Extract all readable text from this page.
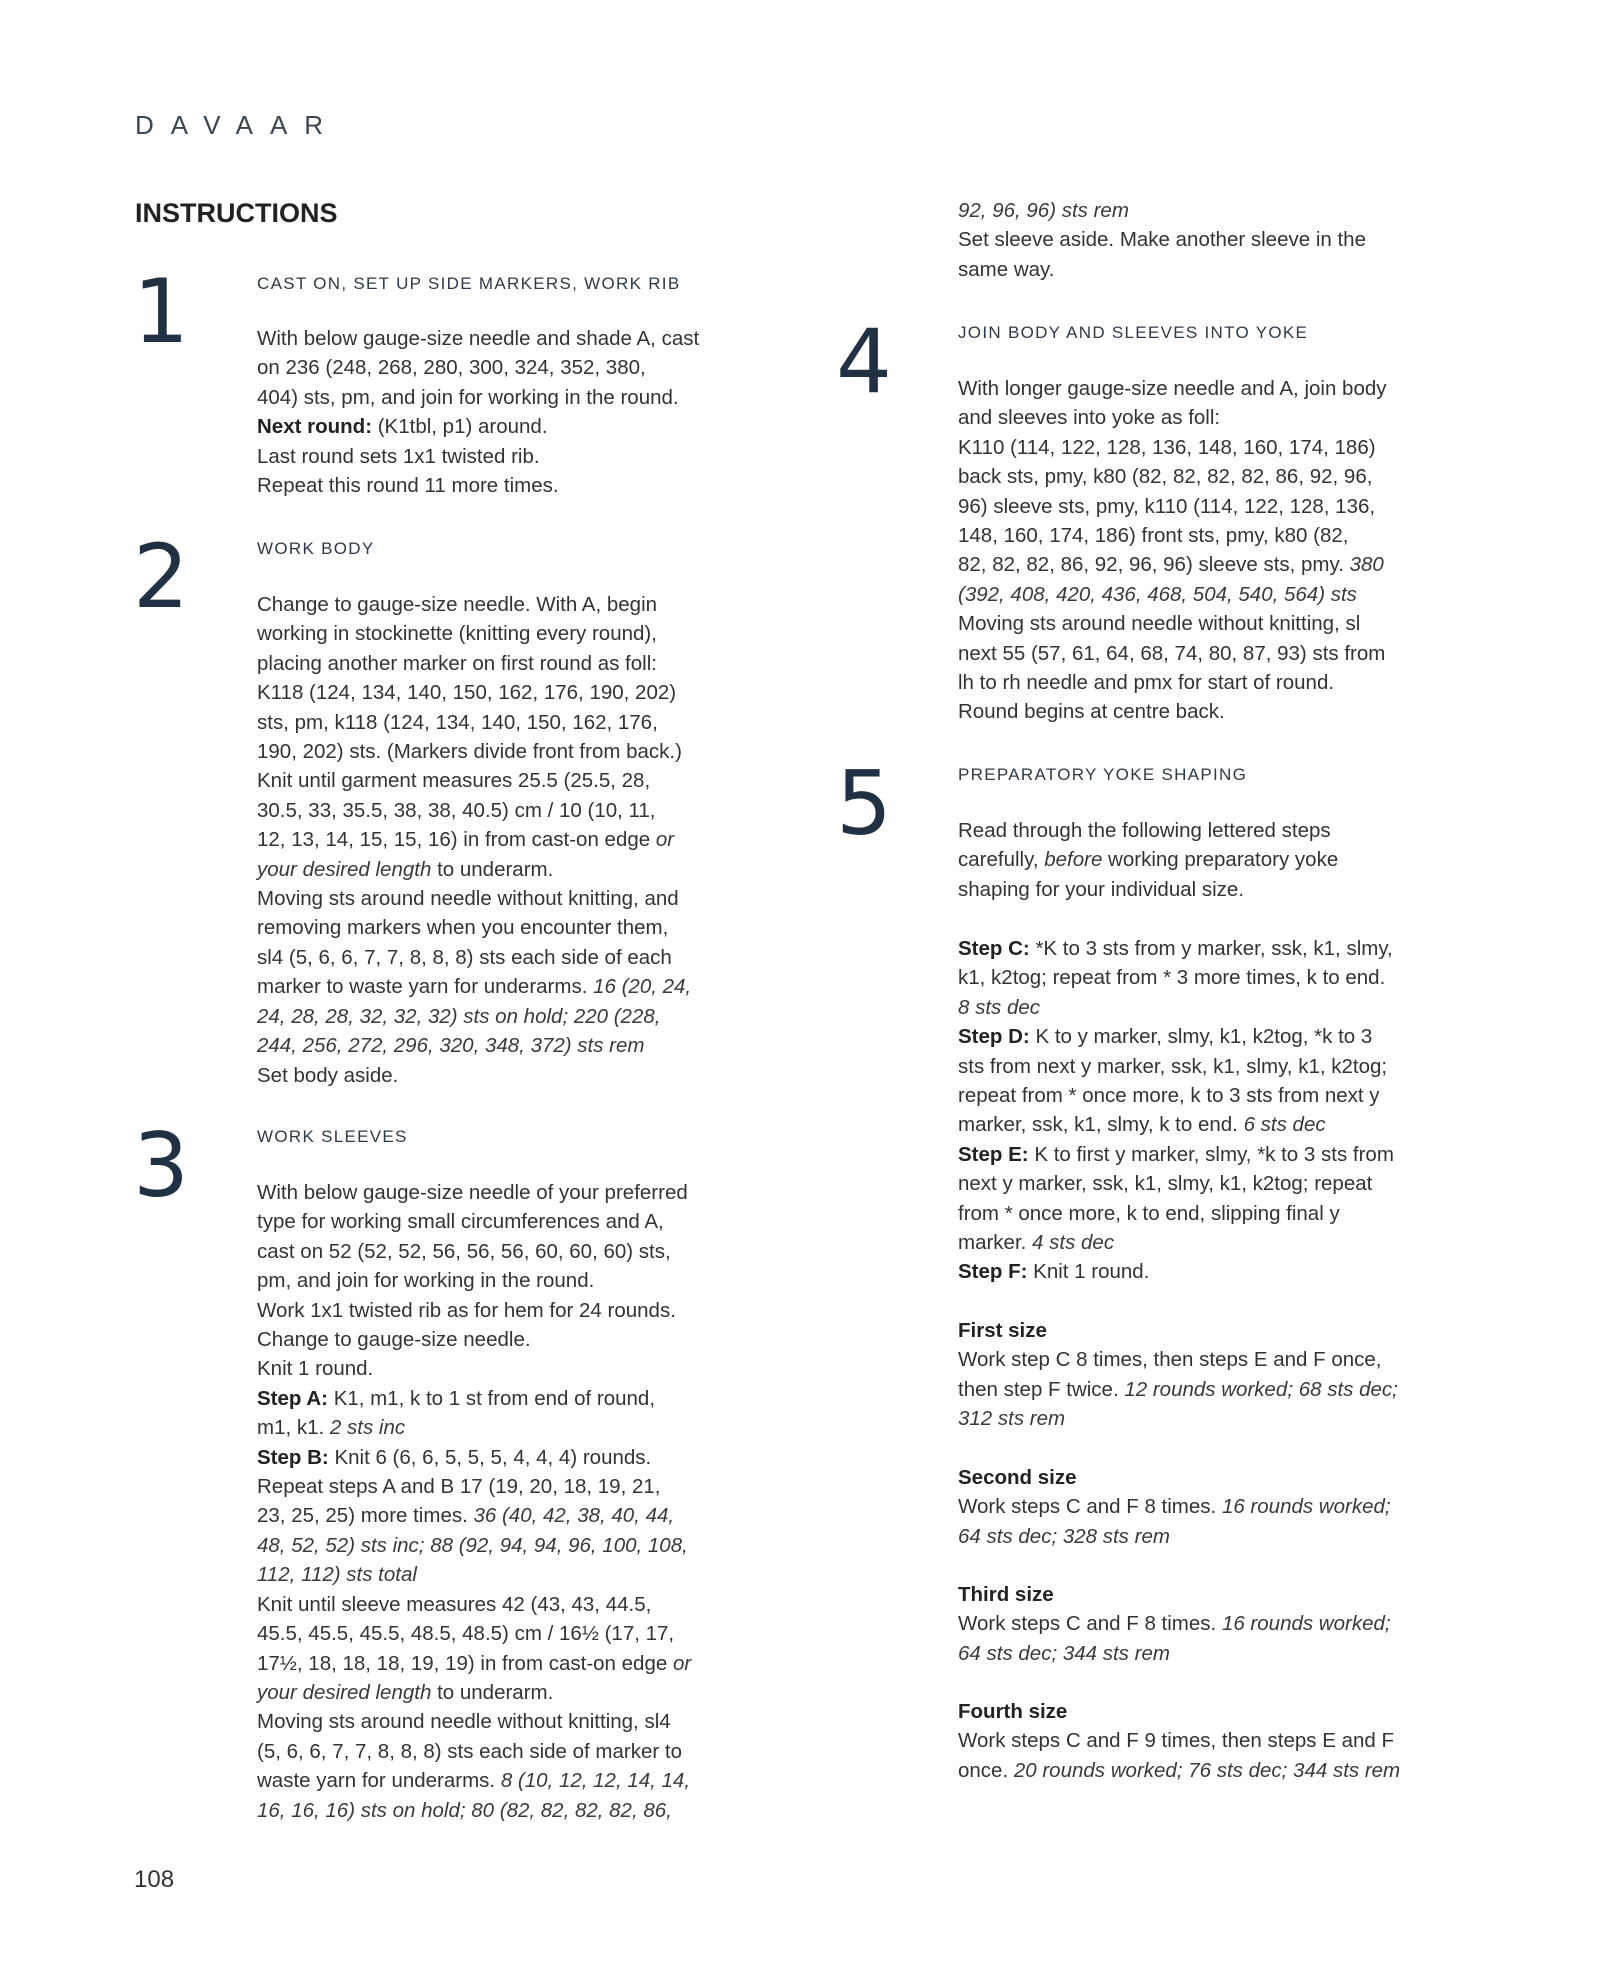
DAVAAR
INSTRUCTIONS
1	CAST ON, SET UP SIDE MARKERS, WORK RIB
With below gauge-size needle and shade A, cast
on 236 (248, 268, 280, 300, 324, 352, 380,
404) sts, pm, and join for working in the round.
Next round: (K1tbl, p1) around.
Last round sets 1x1 twisted rib.
Repeat this round 11 more times.
2	WORK BODY
Change to gauge-size needle. With A, begin
working in stockinette (knitting every round),
placing another marker on first round as foll:
K118 (124, 134, 140, 150, 162, 176, 190, 202)
sts, pm, k118 (124, 134, 140, 150, 162, 176,
190, 202) sts. (Markers divide front from back.)
Knit until garment measures 25.5 (25.5, 28,
30.5, 33, 35.5, 38, 38, 40.5) cm / 10 (10, 11,
12, 13, 14, 15, 15, 16) in from cast-on edge or
your desired length to underarm.
Moving sts around needle without knitting, and
removing markers when you encounter them,
sl4 (5, 6, 6, 7, 7, 8, 8, 8) sts each side of each
marker to waste yarn for underarms. 16 (20, 24,
24, 28, 28, 32, 32, 32) sts on hold; 220 (228,
244, 256, 272, 296, 320, 348, 372) sts rem
Set body aside.
3	WORK SLEEVES
With below gauge-size needle of your preferred
type for working small circumferences and A,
cast on 52 (52, 52, 56, 56, 56, 60, 60, 60) sts,
pm, and join for working in the round.
Work 1x1 twisted rib as for hem for 24 rounds.
Change to gauge-size needle.
Knit 1 round.
Step A: K1, m1, k to 1 st from end of round,
m1, k1. 2 sts inc
Step B: Knit 6 (6, 6, 5, 5, 5, 4, 4, 4) rounds.
Repeat steps A and B 17 (19, 20, 18, 19, 21,
23, 25, 25) more times. 36 (40, 42, 38, 40, 44,
48, 52, 52) sts inc; 88 (92, 94, 94, 96, 100, 108,
112, 112) sts total
Knit until sleeve measures 42 (43, 43, 44.5,
45.5, 45.5, 45.5, 48.5, 48.5) cm / 16½ (17, 17,
17½, 18, 18, 18, 19, 19) in from cast-on edge or
your desired length to underarm.
Moving sts around needle without knitting, sl4
(5, 6, 6, 7, 7, 8, 8, 8) sts each side of marker to
waste yarn for underarms. 8 (10, 12, 12, 14, 14,
16, 16, 16) sts on hold; 80 (82, 82, 82, 82, 86,
92, 96, 96) sts rem
Set sleeve aside. Make another sleeve in the
same way.
4	JOIN BODY AND SLEEVES INTO YOKE
With longer gauge-size needle and A, join body
and sleeves into yoke as foll:
K110 (114, 122, 128, 136, 148, 160, 174, 186)
back sts, pmy, k80 (82, 82, 82, 82, 86, 92, 96,
96) sleeve sts, pmy, k110 (114, 122, 128, 136,
148, 160, 174, 186) front sts, pmy, k80 (82,
82, 82, 82, 86, 92, 96, 96) sleeve sts, pmy. 380
(392, 408, 420, 436, 468, 504, 540, 564) sts
Moving sts around needle without knitting, sl
next 55 (57, 61, 64, 68, 74, 80, 87, 93) sts from
lh to rh needle and pmx for start of round.
Round begins at centre back.
5	PREPARATORY YOKE SHAPING
Read through the following lettered steps
carefully, before working preparatory yoke
shaping for your individual size.
Step C: *K to 3 sts from y marker, ssk, k1, slmy,
k1, k2tog; repeat from * 3 more times, k to end.
8 sts dec
Step D: K to y marker, slmy, k1, k2tog, *k to 3
sts from next y marker, ssk, k1, slmy, k1, k2tog;
repeat from * once more, k to 3 sts from next y
marker, ssk, k1, slmy, k to end. 6 sts dec
Step E: K to first y marker, slmy, *k to 3 sts from
next y marker, ssk, k1, slmy, k1, k2tog; repeat
from * once more, k to end, slipping final y
marker. 4 sts dec
Step F: Knit 1 round.
First size
Work step C 8 times, then steps E and F once,
then step F twice. 12 rounds worked; 68 sts dec;
312 sts rem
Second size
Work steps C and F 8 times. 16 rounds worked;
64 sts dec; 328 sts rem
Third size
Work steps C and F 8 times. 16 rounds worked;
64 sts dec; 344 sts rem
Fourth size
Work steps C and F 9 times, then steps E and F
once. 20 rounds worked; 76 sts dec; 344 sts rem
108
